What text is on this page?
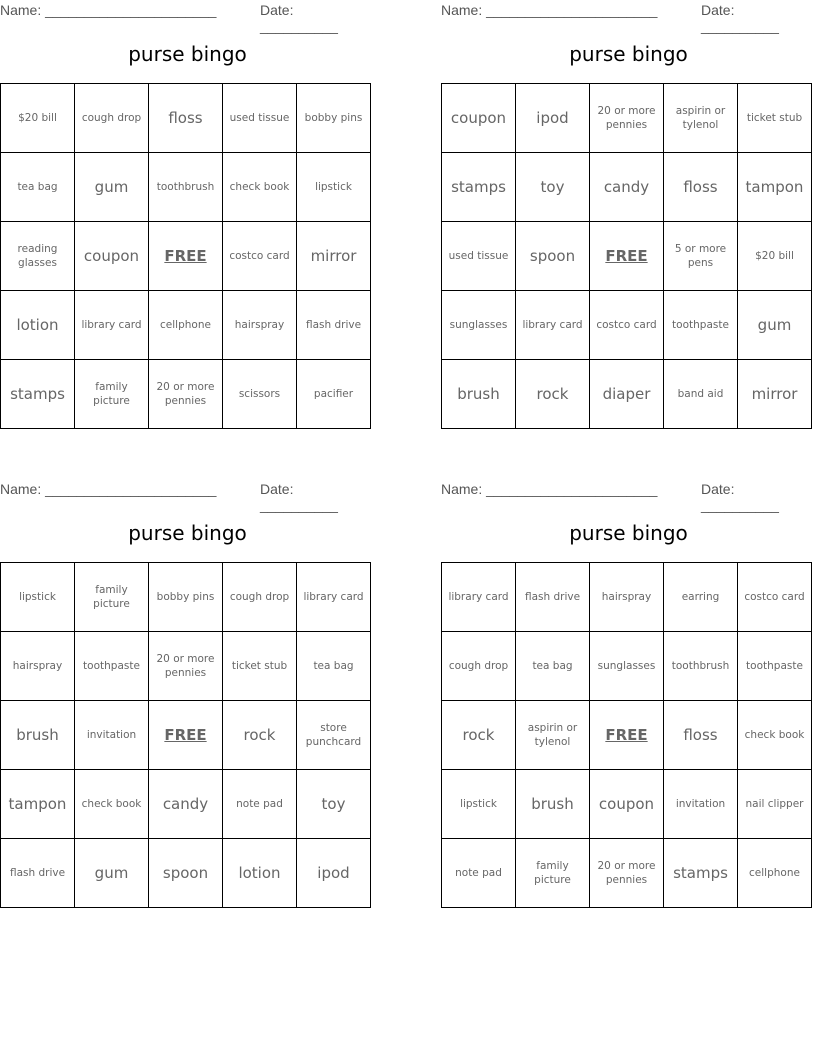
Name: ______________________	Date: __________
purse bingo
$20 bill	cough drop	floss	used tissue	bobby pins
tea bag	gum	toothbrush	check book	lipstick
reading glasses	coupon	FREE	costco card	mirror
lotion	library card	cellphone	hairspray	flash drive
stamps	family picture	20 or more pennies	scissors	pacifier
Name: ______________________	Date: __________
purse bingo
coupon	ipod	20 or more pennies	aspirin or tylenol	ticket stub
stamps	toy	candy	floss	tampon
used tissue	spoon	FREE	5 or more pens	$20 bill
sunglasses	library card	costco card	toothpaste	gum
brush	rock	diaper	band aid	mirror
Name: ______________________	Date: __________
purse bingo
lipstick	family picture	bobby pins	cough drop	library card
hairspray	toothpaste	20 or more pennies	ticket stub	tea bag
brush	invitation	FREE	rock	store punchcard
tampon	check book	candy	note pad	toy
flash drive	gum	spoon	lotion	ipod
Name: ______________________	Date: __________
purse bingo
library card	flash drive	hairspray	earring	costco card
cough drop	tea bag	sunglasses	toothbrush	toothpaste
rock	aspirin or tylenol	FREE	floss	check book
lipstick	brush	coupon	invitation	nail clipper
note pad	family picture	20 or more pennies	stamps	cellphone
